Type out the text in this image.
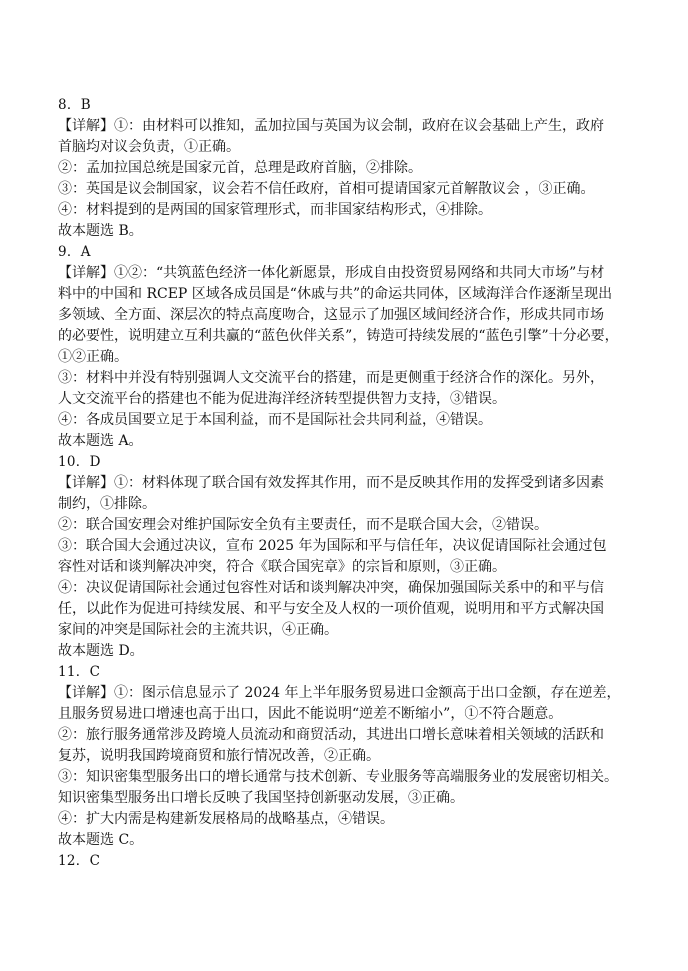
8．B
【详解】①：由材料可以推知，孟加拉国与英国为议会制，政府在议会基础上产生，政府
首脑均对议会负责，①正确。
②：孟加拉国总统是国家元首，总理是政府首脑，②排除。
③：英国是议会制国家，议会若不信任政府，首相可提请国家元首解散议会 ，③正确。
④：材料提到的是两国的国家管理形式，而非国家结构形式，④排除。
故本题选 B。
9．A
【详解】①②：“共筑蓝色经济一体化新愿景，形成自由投资贸易网络和共同大市场”与材
料中的中国和 RCEP 区域各成员国是“休戚与共”的命运共同体，区域海洋合作逐渐呈现出
多领域、全方面、深层次的特点高度吻合，这显示了加强区域间经济合作，形成共同市场
的必要性，说明建立互利共赢的“蓝色伙伴关系”，铸造可持续发展的“蓝色引擎”十分必要，
①②正确。
③：材料中并没有特别强调人文交流平台的搭建，而是更侧重于经济合作的深化。另外，
人文交流平台的搭建也不能为促进海洋经济转型提供智力支持，③错误。
④：各成员国要立足于本国利益，而不是国际社会共同利益，④错误。
故本题选 A。
10．D
【详解】①：材料体现了联合国有效发挥其作用，而不是反映其作用的发挥受到诸多因素
制约，①排除。
②：联合国安理会对维护国际安全负有主要责任，而不是联合国大会，②错误。
③：联合国大会通过决议，宣布 2025 年为国际和平与信任年，决议促请国际社会通过包
容性对话和谈判解决冲突，符合《联合国宪章》的宗旨和原则，③正确。
④：决议促请国际社会通过包容性对话和谈判解决冲突，确保加强国际关系中的和平与信
任，以此作为促进可持续发展、和平与安全及人权的一项价值观，说明用和平方式解决国
家间的冲突是国际社会的主流共识，④正确。
故本题选 D。
11．C
【详解】①：图示信息显示了 2024 年上半年服务贸易进口金额高于出口金额，存在逆差，
且服务贸易进口增速也高于出口，因此不能说明“逆差不断缩小”，①不符合题意。
②：旅行服务通常涉及跨境人员流动和商贸活动，其进出口增长意味着相关领域的活跃和
复苏，说明我国跨境商贸和旅行情况改善，②正确。
③：知识密集型服务出口的增长通常与技术创新、专业服务等高端服务业的发展密切相关。
知识密集型服务出口增长反映了我国坚持创新驱动发展，③正确。
④：扩大内需是构建新发展格局的战略基点，④错误。
故本题选 C。
12．C
